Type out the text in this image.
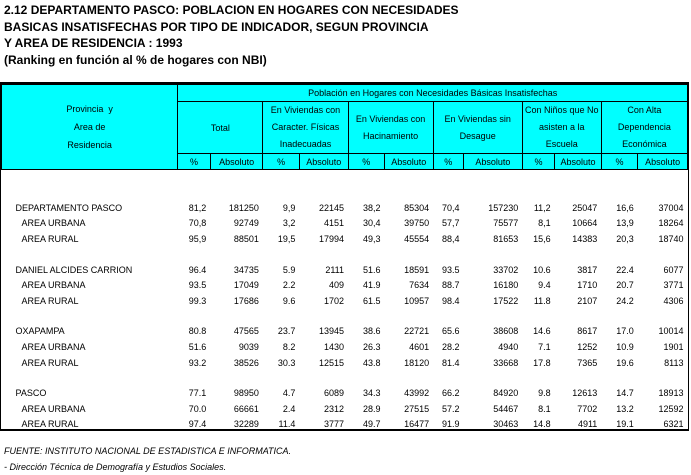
2.12 DEPARTAMENTO PASCO: POBLACION EN HOGARES CON NECESIDADES
BASICAS INSATISFECHAS POR TIPO DE INDICADOR, SEGUN PROVINCIA
Y AREA DE RESIDENCIA : 1993
(Ranking en función al % de hogares con NBI)
Provincia  y
Area de
Residencia	Población en Hogares con Necesidades Básicas Insatisfechas											
	Total		En Viviendas con Caracter. Físicas Inadecuadas		En Viviendas con Hacinamiento		En Viviendas sin Desague		Con Niños que No asisten a la Escuela		Con Alta Dependencia Económica	

	%	Absoluto	%	Absoluto	%	Absoluto	%	Absoluto	%	Absoluto	%	Absoluto

DEPARTAMENTO PASCO	81,2	181250	9,9	22145	38,2	85304	70,4	157230	11,2	25047	16,6	37004
AREA URBANA	70,8	92749	3,2	4151	30,4	39750	57,7	75577	8,1	10664	13,9	18264
AREA RURAL	95,9	88501	19,5	17994	49,3	45554	88,4	81653	15,6	14383	20,3	18740

DANIEL ALCIDES CARRION	96.4	34735	5.9	2111	51.6	18591	93.5	33702	10.6	3817	22.4	6077
AREA URBANA	93.5	17049	2.2	409	41.9	7634	88.7	16180	9.4	1710	20.7	3771
AREA RURAL	99.3	17686	9.6	1702	61.5	10957	98.4	17522	11.8	2107	24.2	4306

OXAPAMPA	80.8	47565	23.7	13945	38.6	22721	65.6	38608	14.6	8617	17.0	10014
AREA URBANA	51.6	9039	8.2	1430	26.3	4601	28.2	4940	7.1	1252	10.9	1901
AREA RURAL	93.2	38526	30.3	12515	43.8	18120	81.4	33668	17.8	7365	19.6	8113

PASCO	77.1	98950	4.7	6089	34.3	43992	66.2	84920	9.8	12613	14.7	18913
AREA URBANA	70.0	66661	2.4	2312	28.9	27515	57.2	54467	8.1	7702	13.2	12592
AREA RURAL	97.4	32289	11.4	3777	49.7	16477	91.9	30463	14.8	4911	19.1	6321
FUENTE: INSTITUTO NACIONAL DE ESTADISTICA E INFORMATICA.
- Dirección Técnica de Demografía y Estudios Sociales.
